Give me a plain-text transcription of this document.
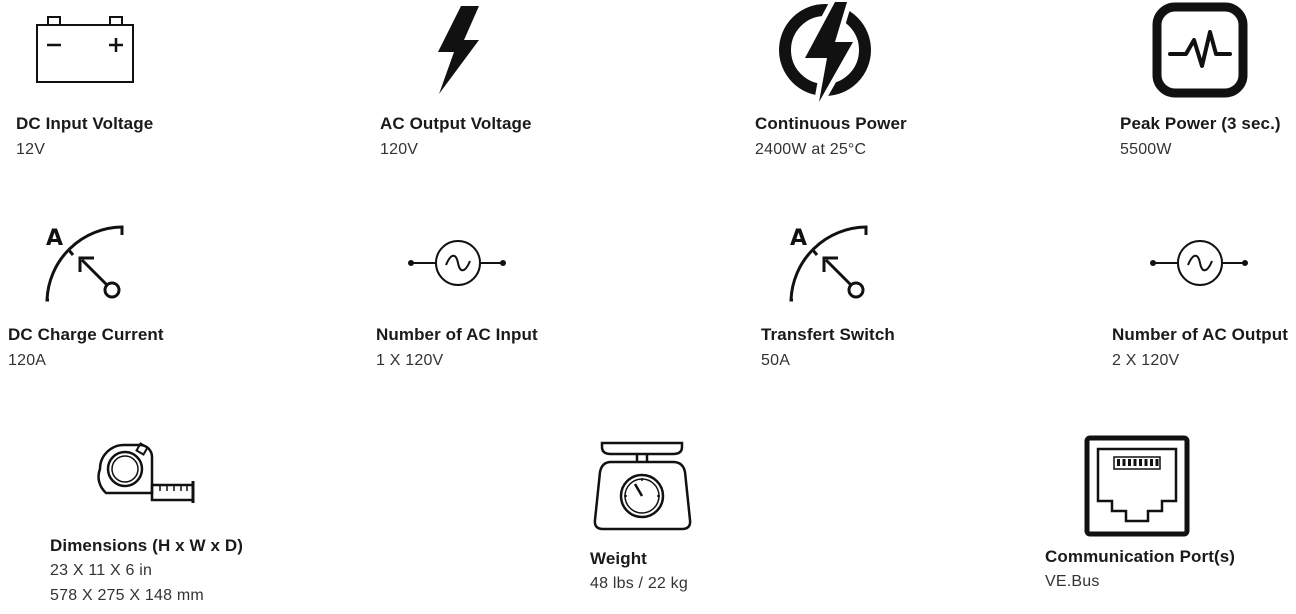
DC Input Voltage
12V
AC Output Voltage
120V
Continuous Power
2400W at 25°C
Peak Power (3 sec.)
5500W
A
DC Charge Current
120A
Number of AC Input
1 X 120V
A
Transfert Switch
50A
Number of AC Output
2 X 120V
Dimensions (H x W x D)
23 X 11 X 6 in
578 X 275 X 148 mm
Weight
48 lbs / 22 kg
Communication Port(s)
VE.Bus
